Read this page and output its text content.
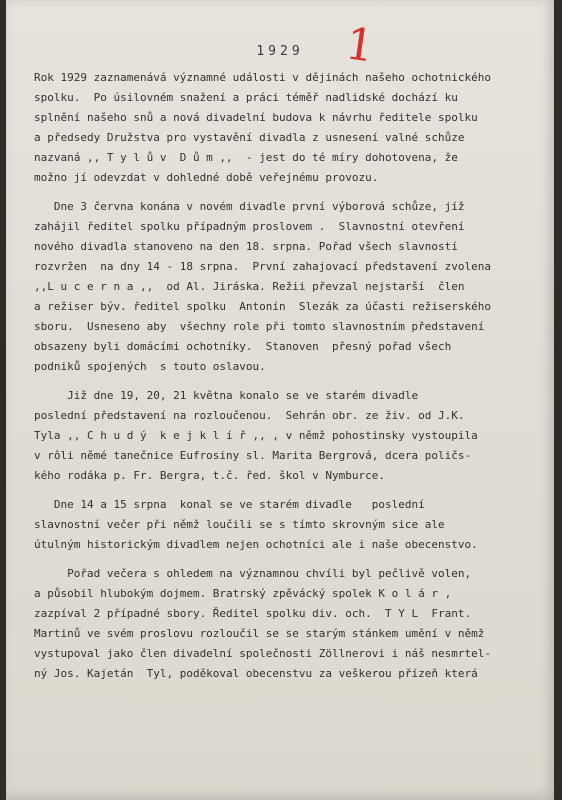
1929 1

Rok 1929 zaznamenává významné události v dějinách našeho ochotnického
spolku.  Po úsilovném snažení a práci téměř nadlidské dochází ku
splnění našeho snů a nová divadelní budova k návrhu ředitele spolku
a předsedy Družstva pro vystavění divadla z usnesení valné schůze
nazvaná ,, T y l ů v  D ů m ,,  - jest do té míry dohotovena, že
možno jí odevzdat v dohledné době veřejnému provozu.

Dne 3 června konána v novém divadle první výborová schůze, jíž
zahájil ředitel spolku případným proslovem .  Slavnostní otevření
nového divadla stanoveno na den 18. srpna. Pořad všech slavností
rozvržen  na dny 14 - 18 srpna.  První zahajovací představení zvolena
,,L u c e r n a ,,  od Al. Jiráska. Režii převzal nejstarší  člen
a režiser býv. ředitel spolku  Antonín  Slezák za účasti režiserského
sboru.  Usneseno aby  všechny role při tomto slavnostním představení
obsazeny byli domácími ochotníky.  Stanoven  přesný pořad všech
podniků spojených  s touto oslavou.

Již dne 19, 20, 21 května konalo se ve starém divadle
poslední představení na rozloučenou.  Sehrán obr. ze živ. od J.K.
Tyla ,, C h u d ý  k e j k l í ř ,, , v němž pohostinsky vystoupila
v rôli němé tanečnice Eufrosiny sl. Marita Bergrová, dcera poličs-
kého rodáka p. Fr. Bergra, t.č. řed. škol v Nymburce.

Dne 14 a 15 srpna  konal se ve starém divadle   poslední
slavnostní večer při němž loučili se s tímto skrovným sice ale
útulným historickým divadlem nejen ochotníci ale i naše obecenstvo.

Pořad večera s ohledem na významnou chvíli byl pečlivě volen,
a působil hlubokým dojmem. Bratrský zpěvácký spolek K o l á r ,
zazpíval 2 případné sbory. Ředitel spolku div. och.  T Y L  Frant.
Martinů ve svém proslovu rozloučil se se starým stánkem umění v němž
vystupoval jako člen divadelní společnosti Zöllnerovi i náš nesmrtel-
ný Jos. Kajetán  Tyl, poděkoval obecenstvu za veškerou přízeň která
